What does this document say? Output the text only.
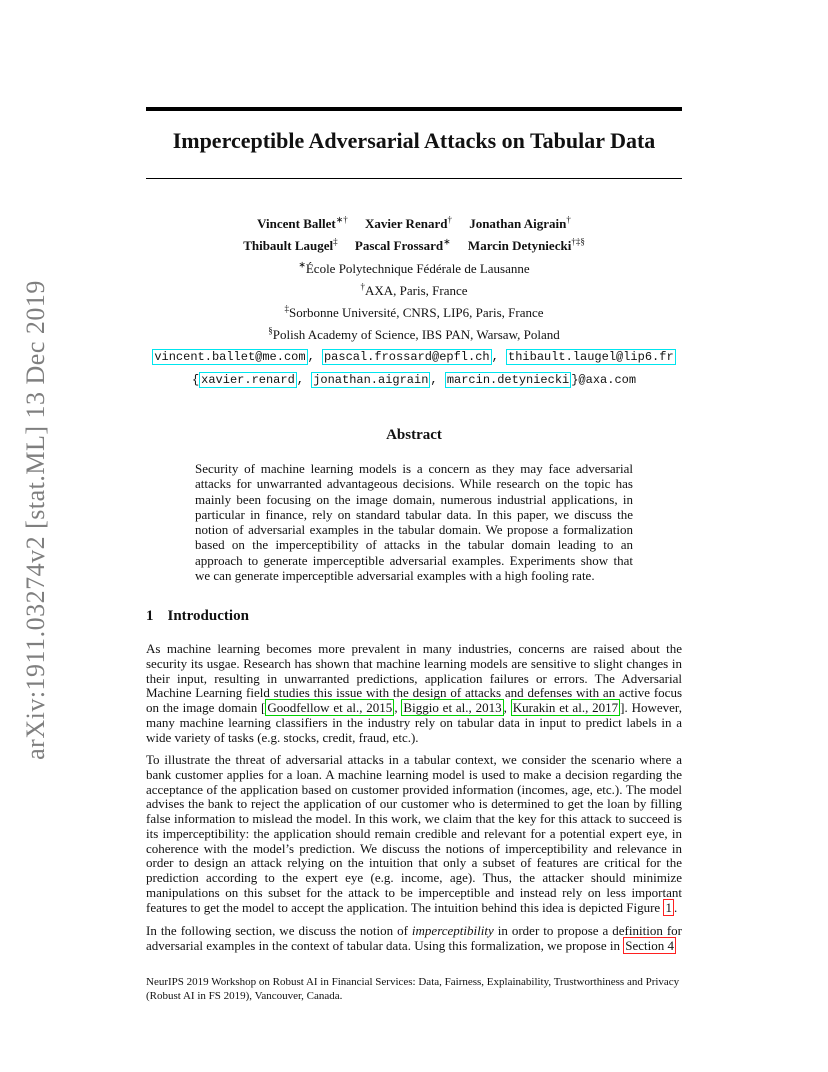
arXiv:1911.03274v2 [stat.ML] 13 Dec 2019
Imperceptible Adversarial Attacks on Tabular Data
Vincent Ballet∗† Xavier Renard† Jonathan Aigrain†
Thibault Laugel‡ Pascal Frossard∗ Marcin Detyniecki†‡§
∗École Polytechnique Fédérale de Lausanne
†AXA, Paris, France
‡Sorbonne Université, CNRS, LIP6, Paris, France
§Polish Academy of Science, IBS PAN, Warsaw, Poland
vincent.ballet@me.com , pascal.frossard@epfl.ch , thibault.laugel@lip6.fr
{ xavier.renard , jonathan.aigrain , marcin.detyniecki }@axa.com
Abstract

Security of machine learning models is a concern as they may face adversarial attacks for unwarranted advantageous decisions. While research on the topic has mainly been focusing on the image domain, numerous industrial applications, in particular in finance, rely on standard tabular data. In this paper, we discuss the notion of adversarial examples in the tabular domain. We propose a formalization based on the imperceptibility of attacks in the tabular domain leading to an approach to generate imperceptible adversarial examples. Experiments show that we can generate imperceptible adversarial examples with a high fooling rate.

1 Introduction

As machine learning becomes more prevalent in many industries, concerns are raised about the security its usgae. Research has shown that machine learning models are sensitive to slight changes in their input, resulting in unwarranted predictions, application failures or errors. The Adversarial Machine Learning field studies this issue with the design of attacks and defenses with an active focus on the image domain [ Goodfellow et al., 2015 , Biggio et al., 2013 , Kurakin et al., 2017 ]. However, many machine learning classifiers in the industry rely on tabular data in input to predict labels in a wide variety of tasks (e.g. stocks, credit, fraud, etc.).

To illustrate the threat of adversarial attacks in a tabular context, we consider the scenario where a bank customer applies for a loan. A machine learning model is used to make a decision regarding the acceptance of the application based on customer provided information (incomes, age, etc.). The model advises the bank to reject the application of our customer who is determined to get the loan by filling false information to mislead the model. In this work, we claim that the key for this attack to succeed is its imperceptibility: the application should remain credible and relevant for a potential expert eye, in coherence with the model’s prediction. We discuss the notions of imperceptibility and relevance in order to design an attack relying on the intuition that only a subset of features are critical for the prediction according to the expert eye (e.g. income, age). Thus, the attacker should minimize manipulations on this subset for the attack to be imperceptible and instead rely on less important features to get the model to accept the application. The intuition behind this idea is depicted Figure 1 .

In the following section, we discuss the notion of imperceptibility in order to propose a definition for adversarial examples in the context of tabular data. Using this formalization, we propose in Section 4

NeurIPS 2019 Workshop on Robust AI in Financial Services: Data, Fairness, Explainability, Trustworthiness and Privacy (Robust AI in FS 2019), Vancouver, Canada.
